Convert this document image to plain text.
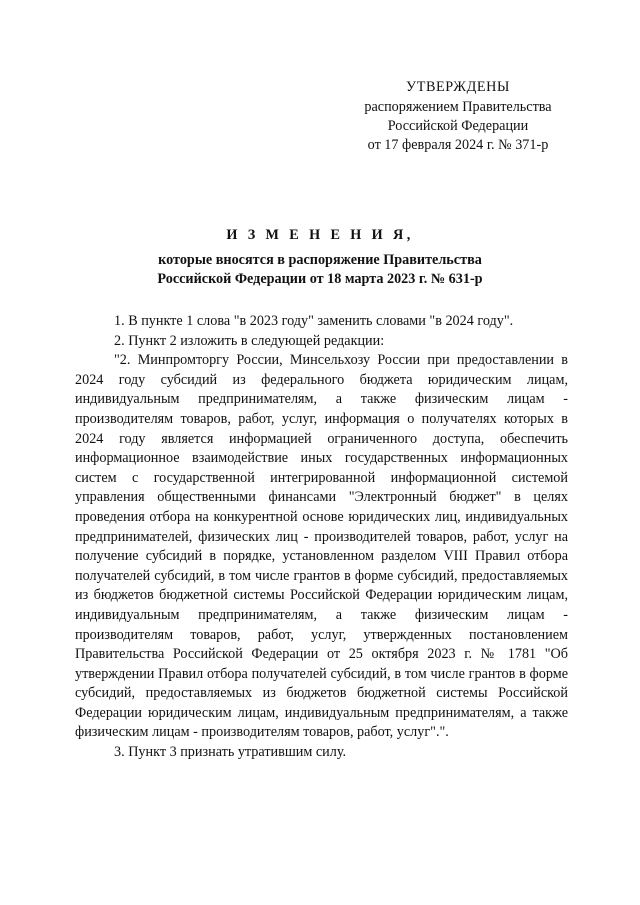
УТВЕРЖДЕНЫ
распоряжением Правительства
Российской Федерации
от 17 февраля 2024 г. № 371-р
И З М Е Н Е Н И Я,
которые вносятся в распоряжение Правительства
Российской Федерации от 18 марта 2023 г. № 631-р

1. В пункте 1 слова "в 2023 году" заменить словами "в 2024 году".

2. Пункт 2 изложить в следующей редакции:

"2. Минпромторгу России, Минсельхозу России при предоставлении в 2024 году субсидий из федерального бюджета юридическим лицам, индивидуальным предпринимателям, а также физическим лицам - производителям товаров, работ, услуг, информация о получателях которых в 2024 году является информацией ограниченного доступа, обеспечить информационное взаимодействие иных государственных информационных систем с государственной интегрированной информационной системой управления общественными финансами "Электронный бюджет" в целях проведения отбора на конкурентной основе юридических лиц, индивидуальных предпринимателей, физических лиц - производителей товаров, работ, услуг на получение субсидий в порядке, установленном разделом VIII Правил отбора получателей субсидий, в том числе грантов в форме субсидий, предоставляемых из бюджетов бюджетной системы Российской Федерации юридическим лицам, индивидуальным предпринимателям, а также физическим лицам - производителям товаров, работ, услуг, утвержденных постановлением Правительства Российской Федерации от 25 октября 2023 г. № 1781 "Об утверждении Правил отбора получателей субсидий, в том числе грантов в форме субсидий, предоставляемых из бюджетов бюджетной системы Российской Федерации юридическим лицам, индивидуальным предпринимателям, а также физическим лицам - производителям товаров, работ, услуг".".

3. Пункт 3 признать утратившим силу.
